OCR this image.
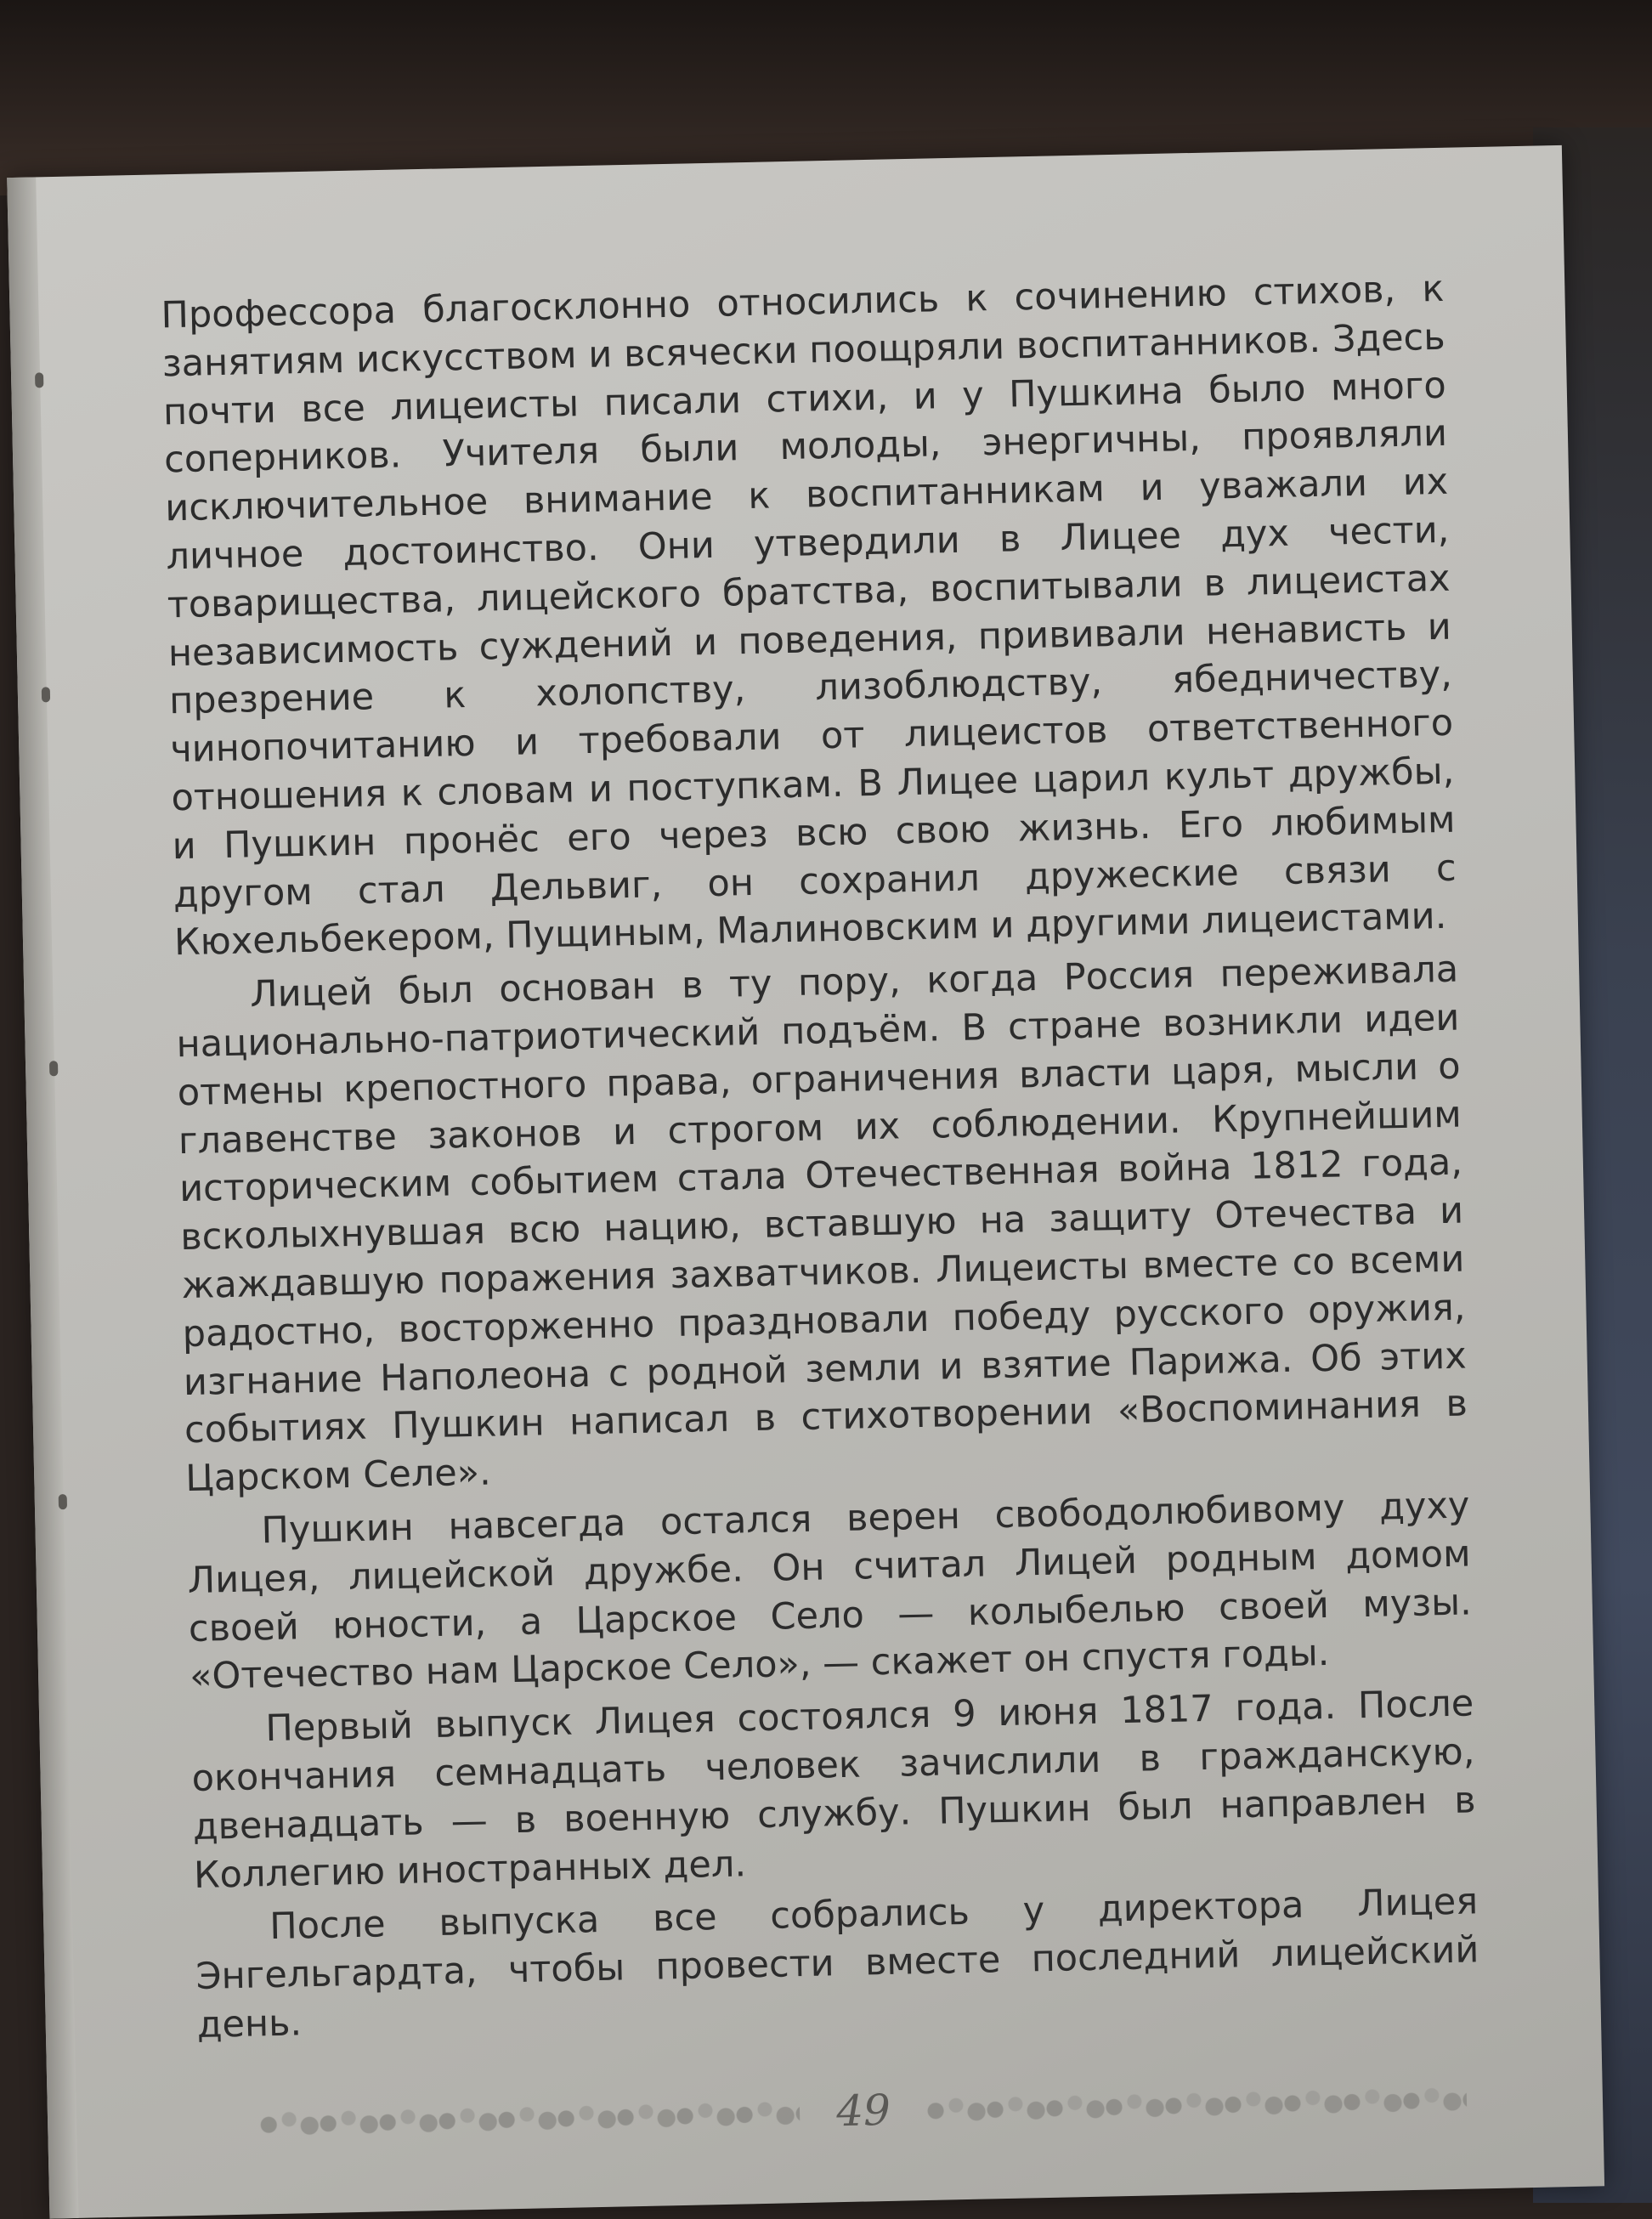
Профессора благосклонно относились к сочинению стихов, к занятиям искусством и всячески поощряли воспитанников. Здесь почти все лицеисты писали стихи, и у Пушкина было много соперников. Учителя были молоды, энергичны, проявляли исключительное внимание к воспитанникам и уважали их личное достоинство. Они утвердили в Лицее дух чести, товарищества, лицейского братства, воспитывали в лицеистах независимость суждений и поведения, прививали ненависть и презрение к холопству, лизоблюдству, ябедничеству, чинопочитанию и требовали от лицеистов ответственного отношения к словам и поступкам. В Лицее царил культ дружбы, и Пушкин пронёс его через всю свою жизнь. Его любимым другом стал Дельвиг, он сохранил дружеские связи с Кюхельбекером, Пущиным, Малиновским и другими лицеистами.

Лицей был основан в ту пору, когда Россия переживала национально-патриотический подъём. В стране возникли идеи отмены крепостного права, ограничения власти царя, мысли о главенстве законов и строгом их соблюдении. Крупнейшим историческим событием стала Отечественная война 1812 года, всколыхнувшая всю нацию, вставшую на защиту Отечества и жаждавшую поражения захватчиков. Лицеисты вместе со всеми радостно, восторженно праздновали победу русского оружия, изгнание Наполеона с родной земли и взятие Парижа. Об этих событиях Пушкин написал в стихотворении «Воспоминания в Царском Селе».

Пушкин навсегда остался верен свободолюбивому духу Лицея, лицейской дружбе. Он считал Лицей родным домом своей юности, а Царское Село — колыбелью своей музы. «Отечество нам Царское Село», — скажет он спустя годы.

Первый выпуск Лицея состоялся 9 июня 1817 года. После окончания семнадцать человек зачислили в гражданскую, двенадцать — в военную службу. Пушкин был направлен в Коллегию иностранных дел.

После выпуска все собрались у директора Лицея Энгельгардта, чтобы провести вместе последний лицейский день.

49
